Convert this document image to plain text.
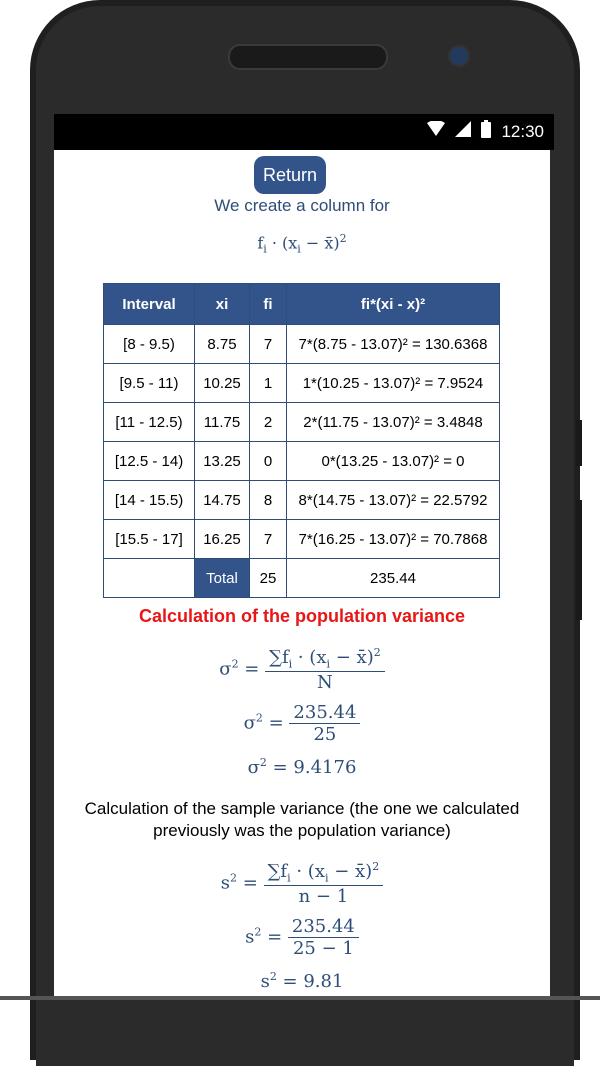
12:30
Return
We create a column for
$f_i \cdot (x_i$ − x̄)$^2$
Interval	xi	fi	fi*(xi - x)²
[8 - 9.5)	8.75	7	7*(8.75 - 13.07)² = 130.6368
[9.5 - 11)	10.25	1	1*(10.25 - 13.07)² = 7.9524
[11 - 12.5)	11.75	2	2*(11.75 - 13.07)² = 3.4848
[12.5 - 14)	13.25	0	0*(13.25 - 13.07)² = 0
[14 - 15.5)	14.75	8	8*(14.75 - 13.07)² = 22.5792
[15.5 - 17]	16.25	7	7*(16.25 - 13.07)² = 70.7868
	Total	25	235.44
Calculation of the population variance
$\sigma^2 = \frac{\sum f_i \cdot (x_i - x̄)^2}{N}$
$\sigma^2 = \frac{235.44}{25}$
$\sigma^2 = 9.4176$
Calculation of the sample variance (the one we calculated previously was the population variance)
$s^2 = \frac{\sum f_i \cdot (x_i - x̄)^2}{n - 1}$
$s^2 = \frac{235.44}{25 - 1}$
$s^2 = 9.81$
